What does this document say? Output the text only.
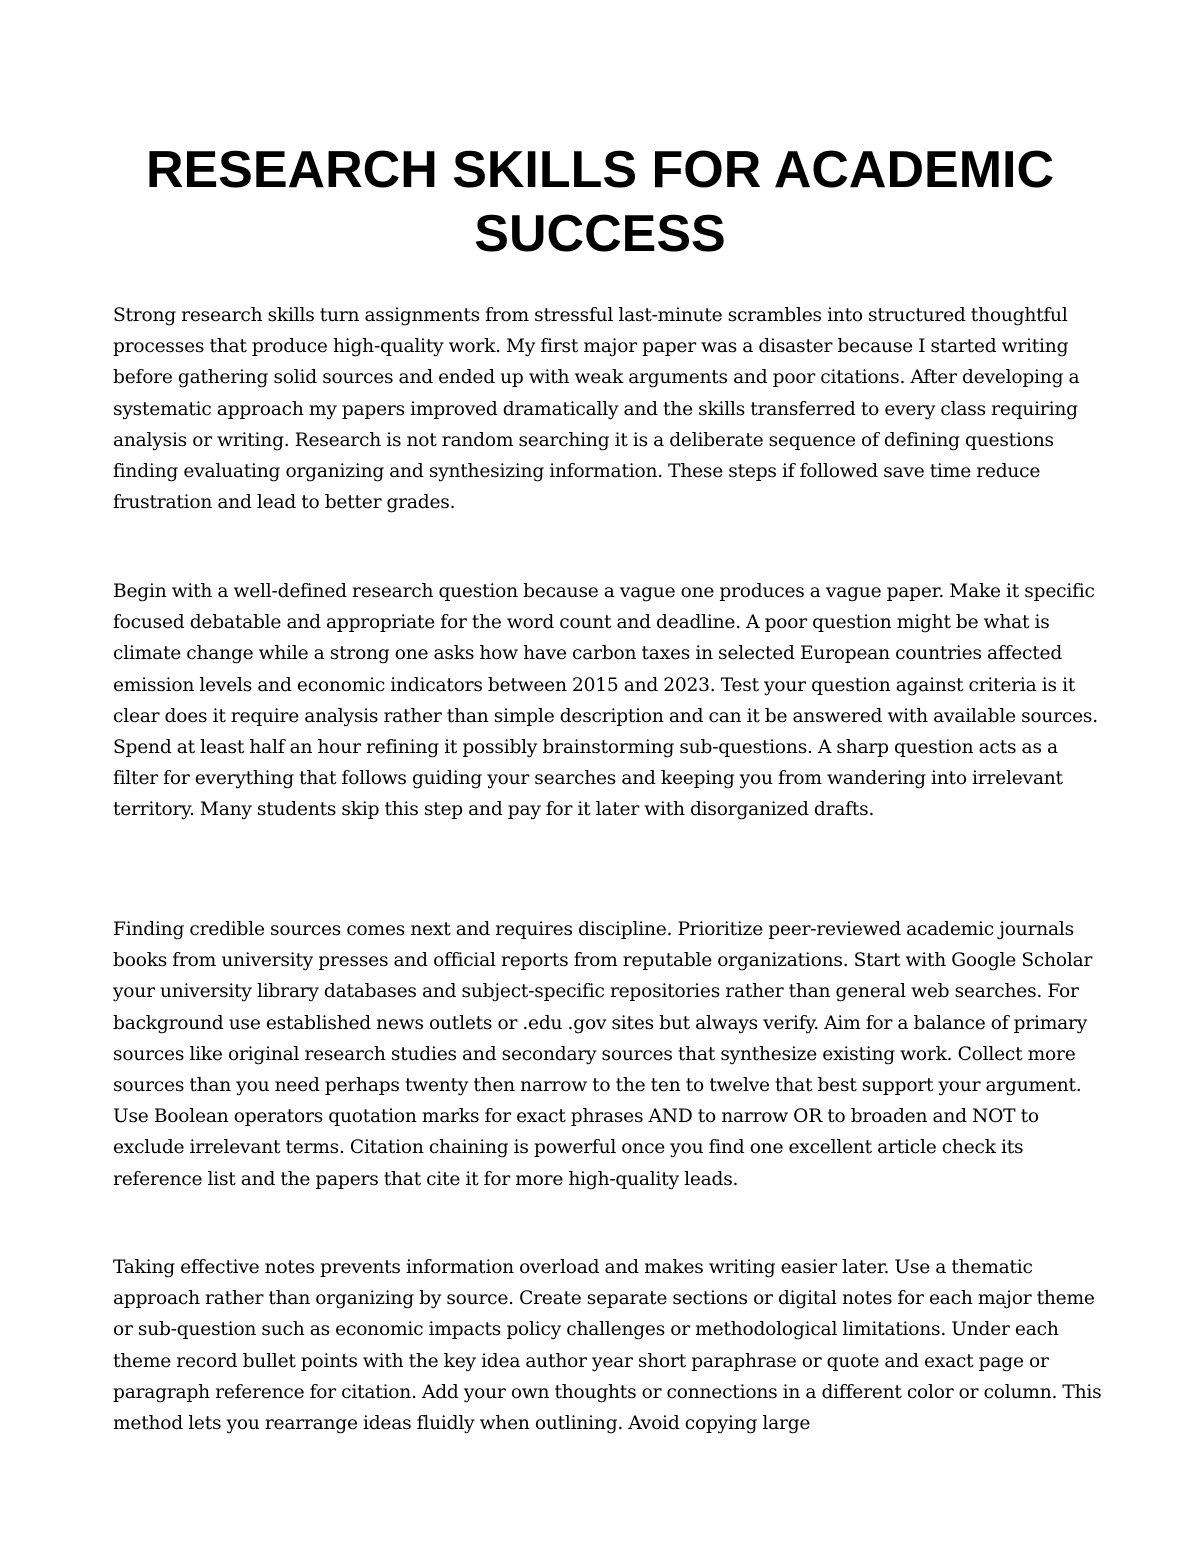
RESEARCH SKILLS FOR ACADEMIC SUCCESS

Strong research skills turn assignments from stressful last-minute scrambles into structured thoughtful processes that produce high-quality work. My first major paper was a disaster because I started writing before gathering solid sources and ended up with weak arguments and poor citations. After developing a systematic approach my papers improved dramatically and the skills transferred to every class requiring analysis or writing. Research is not random searching it is a deliberate sequence of defining questions finding evaluating organizing and synthesizing information. These steps if followed save time reduce frustration and lead to better grades.

Begin with a well-defined research question because a vague one produces a vague paper. Make it specific focused debatable and appropriate for the word count and deadline. A poor question might be what is climate change while a strong one asks how have carbon taxes in selected European countries affected emission levels and economic indicators between 2015 and 2023. Test your question against criteria is it clear does it require analysis rather than simple description and can it be answered with available sources. Spend at least half an hour refining it possibly brainstorming sub-questions. A sharp question acts as a filter for everything that follows guiding your searches and keeping you from wandering into irrelevant territory. Many students skip this step and pay for it later with disorganized drafts.

Finding credible sources comes next and requires discipline. Prioritize peer-reviewed academic journals books from university presses and official reports from reputable organizations. Start with Google Scholar your university library databases and subject-specific repositories rather than general web searches. For background use established news outlets or .edu .gov sites but always verify. Aim for a balance of primary sources like original research studies and secondary sources that synthesize existing work. Collect more sources than you need perhaps twenty then narrow to the ten to twelve that best support your argument. Use Boolean operators quotation marks for exact phrases AND to narrow OR to broaden and NOT to exclude irrelevant terms. Citation chaining is powerful once you find one excellent article check its reference list and the papers that cite it for more high-quality leads.

Taking effective notes prevents information overload and makes writing easier later. Use a thematic approach rather than organizing by source. Create separate sections or digital notes for each major theme or sub-question such as economic impacts policy challenges or methodological limitations. Under each theme record bullet points with the key idea author year short paraphrase or quote and exact page or paragraph reference for citation. Add your own thoughts or connections in a different color or column. This method lets you rearrange ideas fluidly when outlining. Avoid copying large
